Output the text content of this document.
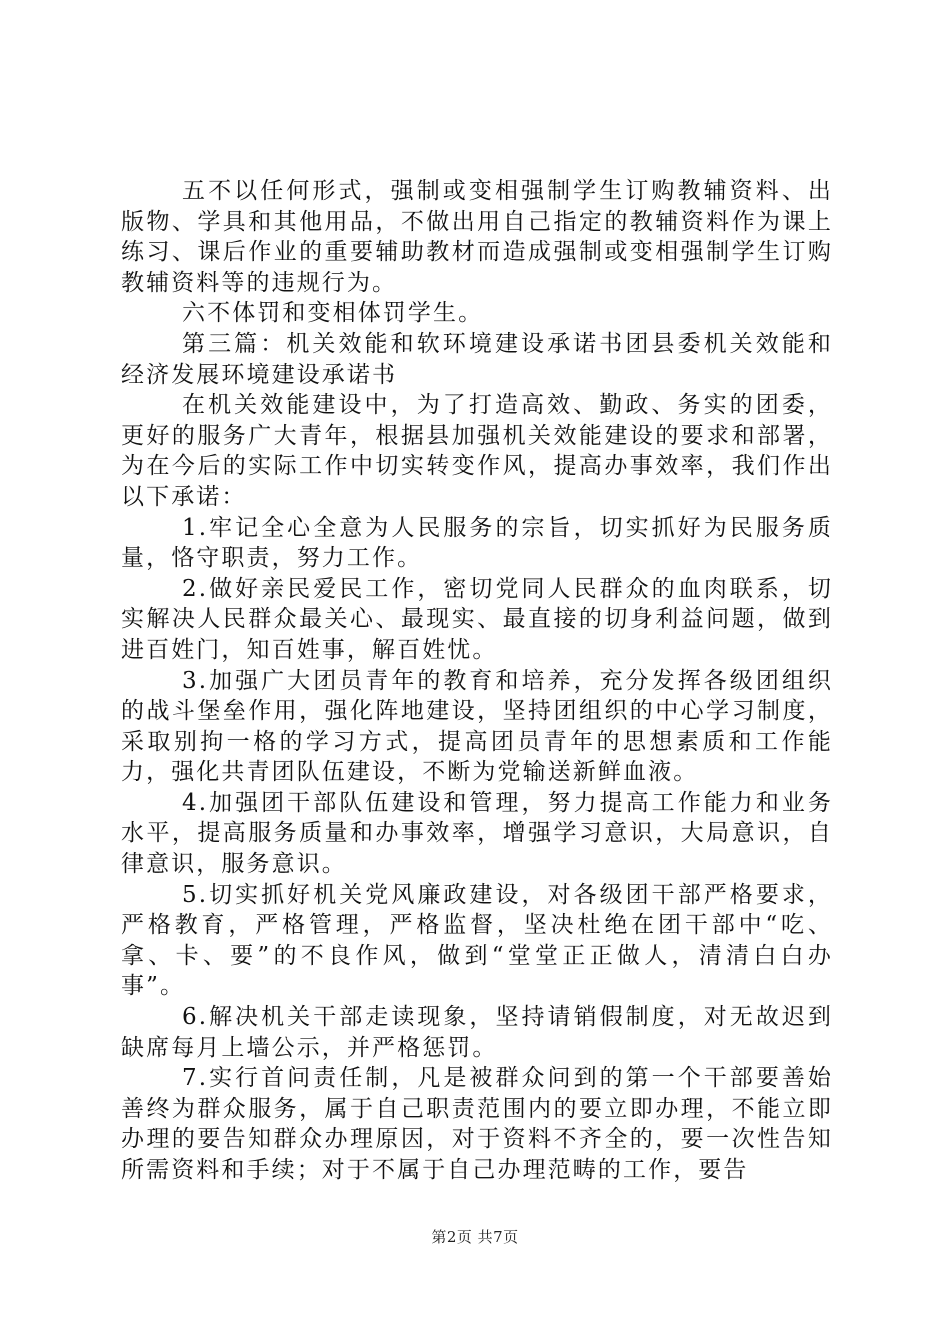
五不以任何形式，强制或变相强制学生订购教辅资料、出版物、学具和其他用品，不做出用自己指定的教辅资料作为课上练习、课后作业的重要辅助教材而造成强制或变相强制学生订购教辅资料等的违规行为。

六不体罚和变相体罚学生。

第三篇：机关效能和软环境建设承诺书团县委机关效能和经济发展环境建设承诺书

在机关效能建设中，为了打造高效、勤政、务实的团委，更好的服务广大青年，根据县加强机关效能建设的要求和部署，为在今后的实际工作中切实转变作风，提高办事效率，我们作出以下承诺：

1.牢记全心全意为人民服务的宗旨，切实抓好为民服务质量，恪守职责，努力工作。

2.做好亲民爱民工作，密切党同人民群众的血肉联系，切实解决人民群众最关心、最现实、最直接的切身利益问题，做到进百姓门，知百姓事，解百姓忧。

3.加强广大团员青年的教育和培养，充分发挥各级团组织的战斗堡垒作用，强化阵地建设，坚持团组织的中心学习制度，采取别拘一格的学习方式，提高团员青年的思想素质和工作能力，强化共青团队伍建设，不断为党输送新鲜血液。

4.加强团干部队伍建设和管理，努力提高工作能力和业务水平，提高服务质量和办事效率，增强学习意识，大局意识，自律意识，服务意识。

5.切实抓好机关党风廉政建设，对各级团干部严格要求，严格教育，严格管理，严格监督，坚决杜绝在团干部中“吃、拿、卡、要”的不良作风，做到“堂堂正正做人，清清白白办事”。

6.解决机关干部走读现象，坚持请销假制度，对无故迟到缺席每月上墙公示，并严格惩罚。

7.实行首问责任制，凡是被群众问到的第一个干部要善始善终为群众服务，属于自己职责范围内的要立即办理，不能立即办理的要告知群众办理原因，对于资料不齐全的，要一次性告知所需资料和手续；对于不属于自己办理范畴的工作，要告

第2页 共7页
